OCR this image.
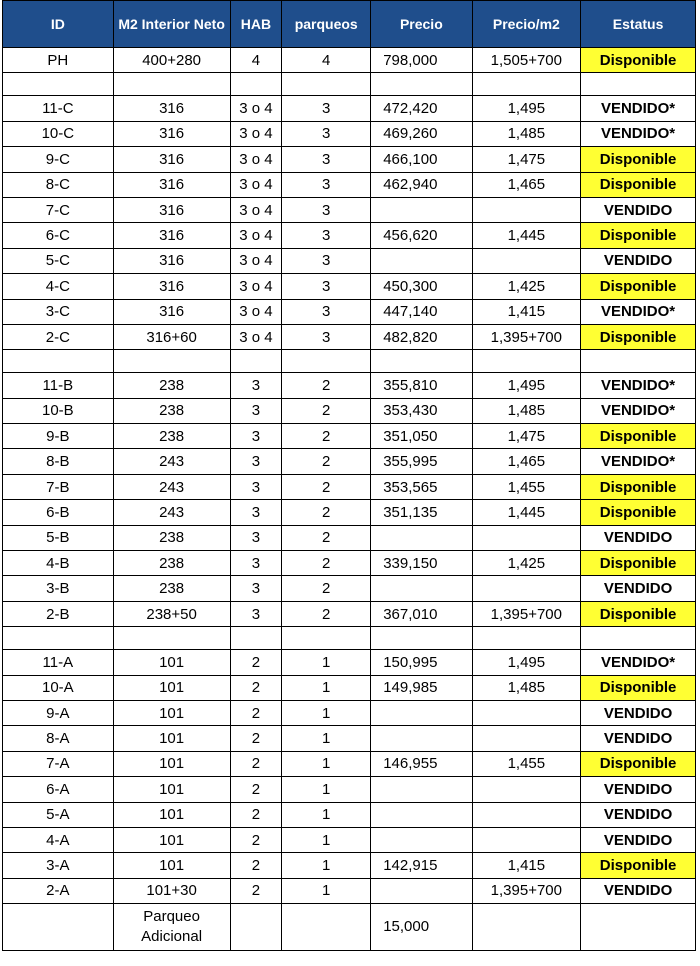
ID	M2 Interior Neto	HAB	parqueos	Precio	Precio/m2	Estatus
PH	400+280	4	4	798,000	1,505+700	Disponible

11-C	316	3 o 4	3	472,420	1,495	VENDIDO*
10-C	316	3 o 4	3	469,260	1,485	VENDIDO*
9-C	316	3 o 4	3	466,100	1,475	Disponible
8-C	316	3 o 4	3	462,940	1,465	Disponible
7-C	316	3 o 4	3			VENDIDO
6-C	316	3 o 4	3	456,620	1,445	Disponible
5-C	316	3 o 4	3			VENDIDO
4-C	316	3 o 4	3	450,300	1,425	Disponible
3-C	316	3 o 4	3	447,140	1,415	VENDIDO*
2-C	316+60	3 o 4	3	482,820	1,395+700	Disponible

11-B	238	3	2	355,810	1,495	VENDIDO*
10-B	238	3	2	353,430	1,485	VENDIDO*
9-B	238	3	2	351,050	1,475	Disponible
8-B	243	3	2	355,995	1,465	VENDIDO*
7-B	243	3	2	353,565	1,455	Disponible
6-B	243	3	2	351,135	1,445	Disponible
5-B	238	3	2			VENDIDO
4-B	238	3	2	339,150	1,425	Disponible
3-B	238	3	2			VENDIDO
2-B	238+50	3	2	367,010	1,395+700	Disponible

11-A	101	2	1	150,995	1,495	VENDIDO*
10-A	101	2	1	149,985	1,485	Disponible
9-A	101	2	1			VENDIDO
8-A	101	2	1			VENDIDO
7-A	101	2	1	146,955	1,455	Disponible
6-A	101	2	1			VENDIDO
5-A	101	2	1			VENDIDO
4-A	101	2	1			VENDIDO
3-A	101	2	1	142,915	1,415	Disponible
2-A	101+30	2	1		1,395+700	VENDIDO
	Parqueo Adicional			15,000		
